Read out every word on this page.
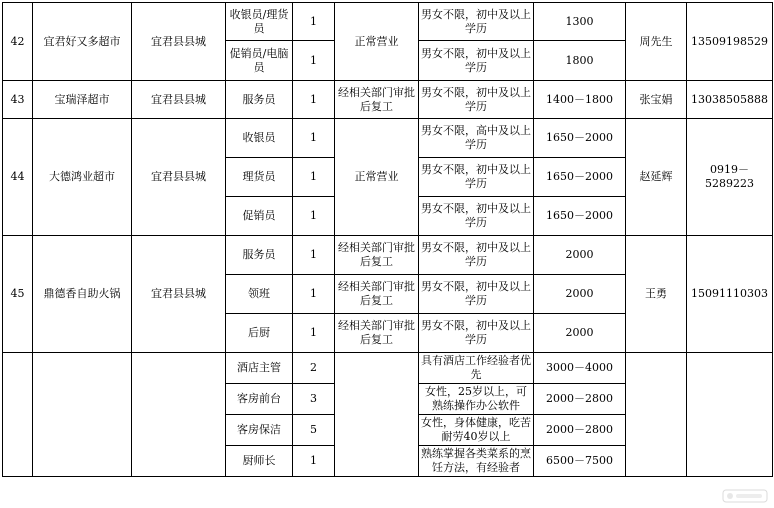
42	宜君好又多超市	宜君县县城	收银员/理货员	1	正常营业	男女不限，初中及以上学历	1300	周先生	13509198529
			促销员/电脑员	1		男女不限，初中及以上学历	1800		
43	宝瑞泽超市	宜君县县城	服务员	1	经相关部门审批后复工	男女不限，初中及以上学历	1400－1800	张宝娟	13038505888
44	大德鸿业超市	宜君县县城	收银员	1	正常营业	男女不限，高中及以上学历	1650－2000	赵延辉	0919－5289223
			理货员	1		男女不限，初中及以上学历	1650－2000		
			促销员	1		男女不限，初中及以上学历	1650－2000		
45	鼎德香自助火锅	宜君县县城	服务员	1	经相关部门审批后复工	男女不限，初中及以上学历	2000	王勇	15091110303
			领班	1	经相关部门审批后复工	男女不限，初中及以上学历	2000		
			后厨	1	经相关部门审批后复工	男女不限，初中及以上学历	2000		
			酒店主管	2		具有酒店工作经验者优先	3000－4000		
			客房前台	3		女性，25岁以上，可熟练操作办公软件	2000－2800		
			客房保洁	5		女性，身体健康，吃苦耐劳40岁以上	2000－2800		
			厨师长	1		熟练掌握各类菜系的烹饪方法，有经验者	6500－7500		
